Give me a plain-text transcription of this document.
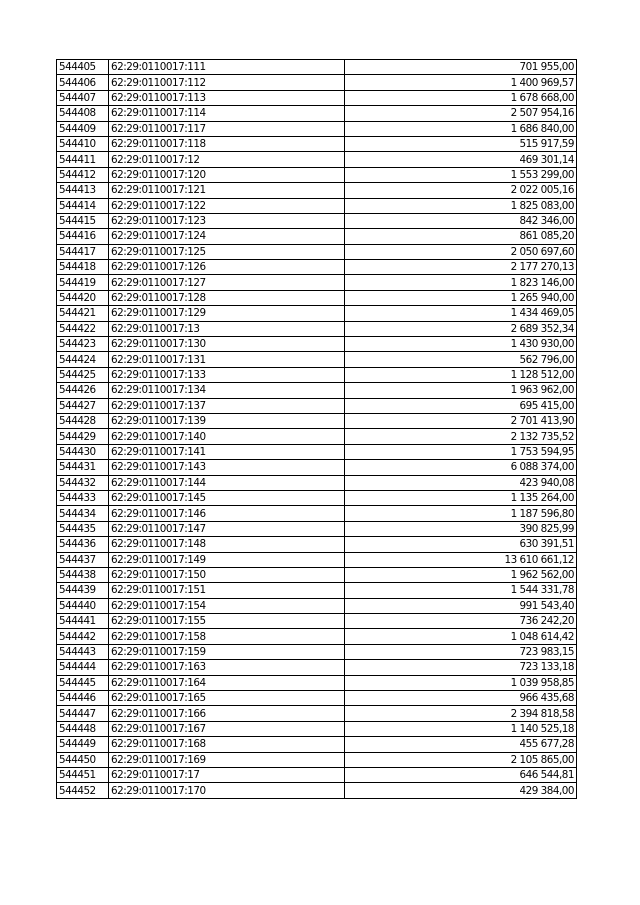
544405	62:29:0110017:111	701 955,00
544406	62:29:0110017:112	1 400 969,57
544407	62:29:0110017:113	1 678 668,00
544408	62:29:0110017:114	2 507 954,16
544409	62:29:0110017:117	1 686 840,00
544410	62:29:0110017:118	515 917,59
544411	62:29:0110017:12	469 301,14
544412	62:29:0110017:120	1 553 299,00
544413	62:29:0110017:121	2 022 005,16
544414	62:29:0110017:122	1 825 083,00
544415	62:29:0110017:123	842 346,00
544416	62:29:0110017:124	861 085,20
544417	62:29:0110017:125	2 050 697,60
544418	62:29:0110017:126	2 177 270,13
544419	62:29:0110017:127	1 823 146,00
544420	62:29:0110017:128	1 265 940,00
544421	62:29:0110017:129	1 434 469,05
544422	62:29:0110017:13	2 689 352,34
544423	62:29:0110017:130	1 430 930,00
544424	62:29:0110017:131	562 796,00
544425	62:29:0110017:133	1 128 512,00
544426	62:29:0110017:134	1 963 962,00
544427	62:29:0110017:137	695 415,00
544428	62:29:0110017:139	2 701 413,90
544429	62:29:0110017:140	2 132 735,52
544430	62:29:0110017:141	1 753 594,95
544431	62:29:0110017:143	6 088 374,00
544432	62:29:0110017:144	423 940,08
544433	62:29:0110017:145	1 135 264,00
544434	62:29:0110017:146	1 187 596,80
544435	62:29:0110017:147	390 825,99
544436	62:29:0110017:148	630 391,51
544437	62:29:0110017:149	13 610 661,12
544438	62:29:0110017:150	1 962 562,00
544439	62:29:0110017:151	1 544 331,78
544440	62:29:0110017:154	991 543,40
544441	62:29:0110017:155	736 242,20
544442	62:29:0110017:158	1 048 614,42
544443	62:29:0110017:159	723 983,15
544444	62:29:0110017:163	723 133,18
544445	62:29:0110017:164	1 039 958,85
544446	62:29:0110017:165	966 435,68
544447	62:29:0110017:166	2 394 818,58
544448	62:29:0110017:167	1 140 525,18
544449	62:29:0110017:168	455 677,28
544450	62:29:0110017:169	2 105 865,00
544451	62:29:0110017:17	646 544,81
544452	62:29:0110017:170	429 384,00
